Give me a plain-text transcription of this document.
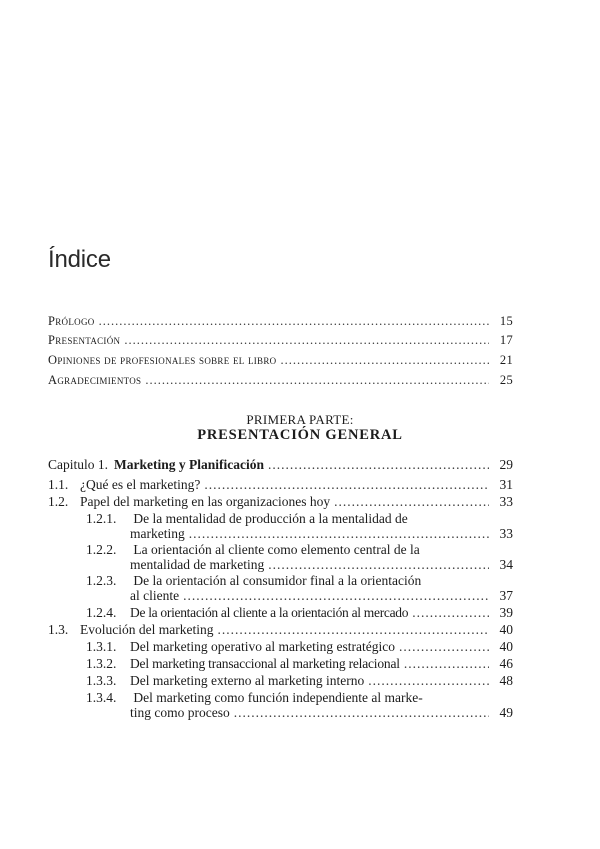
Índice
Prólogo .....	15
Presentación .....	17
Opiniones de profesionales sobre el libro .....	21
Agradecimientos .....	25
PRIMERA PARTE:
PRESENTACIÓN GENERAL
Capitulo 1. Marketing y Planificación .....	29
1.1. ¿Qué es el marketing? .....	31
1.2. Papel del marketing en las organizaciones hoy .....	33
1.2.1. De la mentalidad de producción a la mentalidad de
marketing .....	33
1.2.2. La orientación al cliente como elemento central de la
mentalidad de marketing .....	34
1.2.3. De la orientación al consumidor final a la orientación
al cliente .....	37
1.2.4.	De la orientación al cliente a la orientación al mercado .....	39
1.3. Evolución del marketing .....	40
1.3.1.	Del marketing operativo al marketing estratégico .....	40
1.3.2.	Del marketing transaccional al marketing relacional .....	46
1.3.3.	Del marketing externo al marketing interno .....	48
1.3.4. Del marketing como función independiente al marke-
ting como proceso .....	49
